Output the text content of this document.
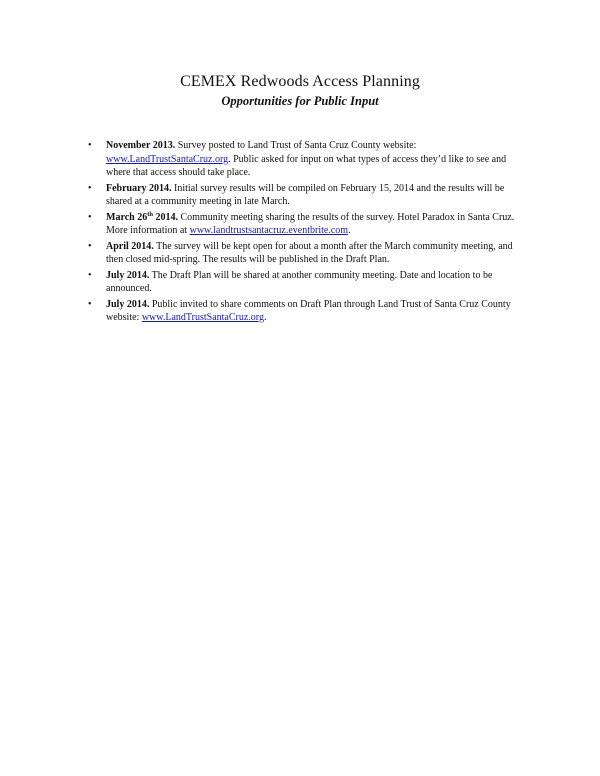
CEMEX Redwoods Access Planning
Opportunities for Public Input
• November 2013. Survey posted to Land Trust of Santa Cruz County website: www.LandTrustSantaCruz.org. Public asked for input on what types of access they’d like to see and where that access should take place.
• February 2014. Initial survey results will be compiled on February 15, 2014 and the results will be shared at a community meeting in late March.
• March 26th 2014. Community meeting sharing the results of the survey. Hotel Paradox in Santa Cruz. More information at www.landtrustsantacruz.eventbrite.com.
• April 2014. The survey will be kept open for about a month after the March community meeting, and then closed mid-spring. The results will be published in the Draft Plan.
• July 2014. The Draft Plan will be shared at another community meeting. Date and location to be announced.
• July 2014. Public invited to share comments on Draft Plan through Land Trust of Santa Cruz County website: www.LandTrustSantaCruz.org.
